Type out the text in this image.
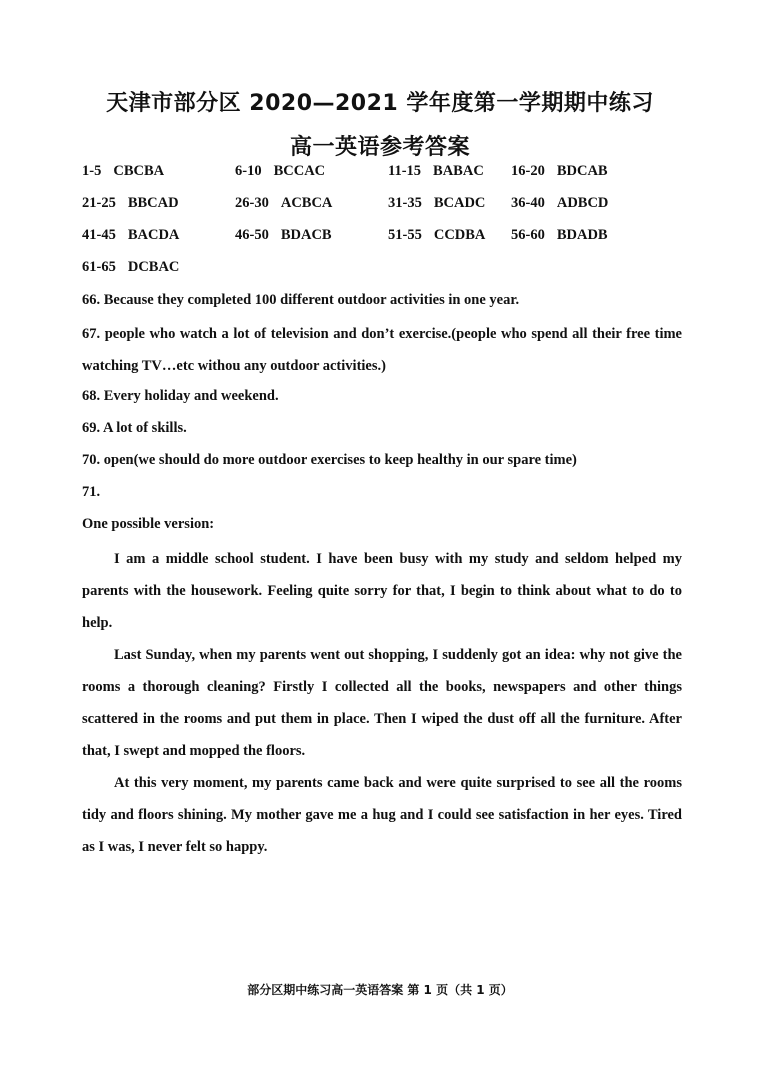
天津市部分区 2020—2021 学年度第一学期期中练习
高一英语参考答案
1-5 CBCBA	6-10 BCCAC	11-15 BABAC 16-20 BDCAB
21-25 BBCAD	26-30 ACBCA	31-35 BCADC 36-40 ADBCD
41-45 BACDA	46-50 BDACB	51-55 CCDBA 56-60 BDADB
61-65 DCBAC
66. Because they completed 100 different outdoor activities in one year.
67. people who watch a lot of television and don’t exercise.(people who spend all their free time watching TV…etc withou any outdoor activities.)
68. Every holiday and weekend.
69. A lot of skills.
70. open(we should do more outdoor exercises to keep healthy in our spare time)
71.
One possible version:
I am a middle school student. I have been busy with my study and seldom helped my parents with the housework. Feeling quite sorry for that, I begin to think about what to do to help.
Last Sunday, when my parents went out shopping, I suddenly got an idea: why not give the rooms a thorough cleaning? Firstly I collected all the books, newspapers and other things scattered in the rooms and put them in place. Then I wiped the dust off all the furniture. After that, I swept and mopped the floors.
At this very moment, my parents came back and were quite surprised to see all the rooms tidy and floors shining. My mother gave me a hug and I could see satisfaction in her eyes. Tired as I was, I never felt so happy.
部分区期中练习高一英语答案 第 1 页（共 1 页）
